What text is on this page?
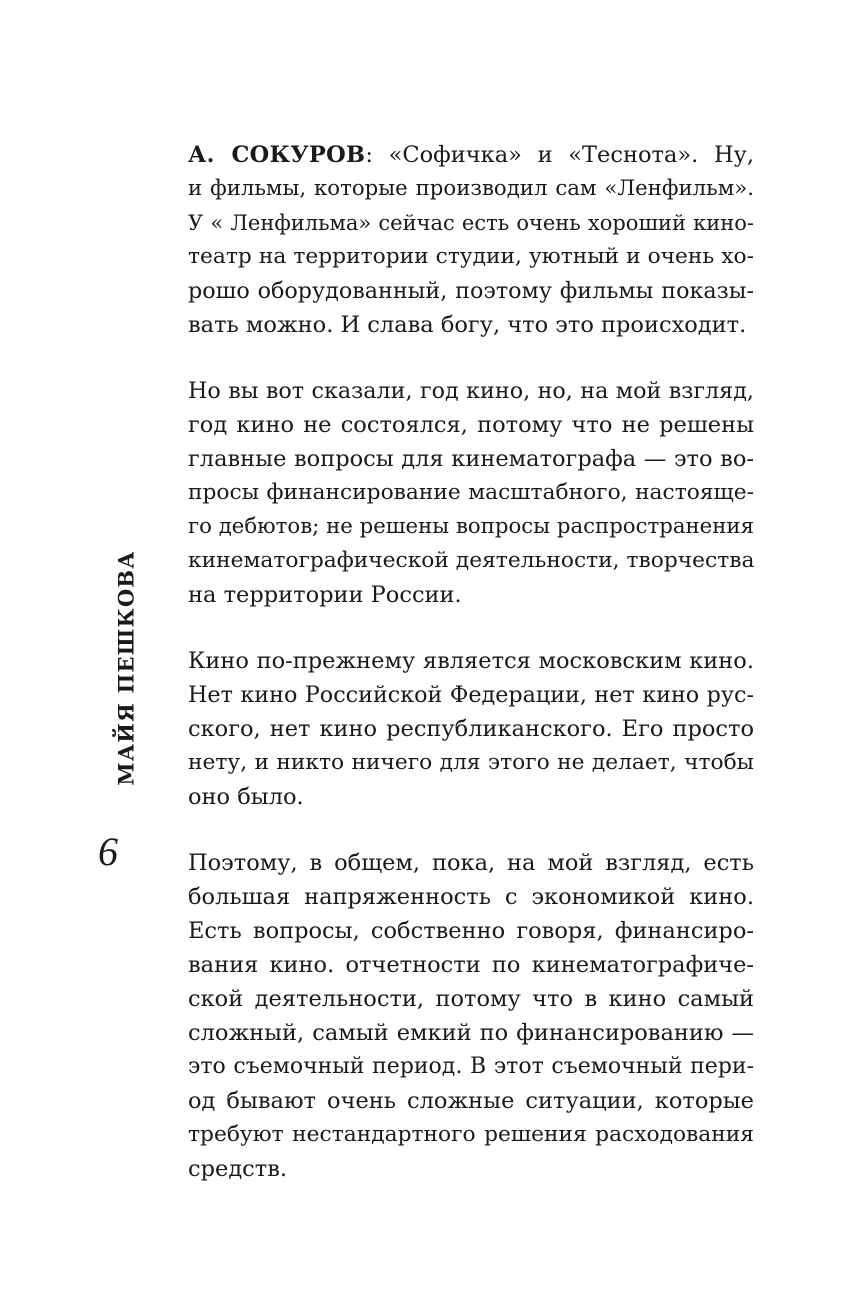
МАЙЯ ПЕШКОВА
6
А. СОКУРОВ: «Софичка» и «Теснота». Ну,
и фильмы, которые производил сам «Ленфильм».
У « Ленфильма» сейчас есть очень хороший кино-
театр на территории студии, уютный и очень хо-
рошо оборудованный, поэтому фильмы показы-
вать можно. И слава богу, что это происходит.
Но вы вот сказали, год кино, но, на мой взгляд,
год кино не состоялся, потому что не решены
главные вопросы для кинематографа — это во-
просы финансирование масштабного, настояще-
го дебютов; не решены вопросы распространения
кинематографической деятельности, творчества
на территории России.
Кино по-прежнему является московским кино.
Нет кино Российской Федерации, нет кино рус-
ского, нет кино республиканского. Его просто
нету, и никто ничего для этого не делает, чтобы
оно было.
Поэтому, в общем, пока, на мой взгляд, есть
большая напряженность с экономикой кино.
Есть вопросы, собственно говоря, финансиро-
вания кино. отчетности по кинематографиче-
ской деятельности, потому что в кино самый
сложный, самый емкий по финансированию —
это съемочный период. В этот съемочный пери-
од бывают очень сложные ситуации, которые
требуют нестандартного решения расходования
средств.
